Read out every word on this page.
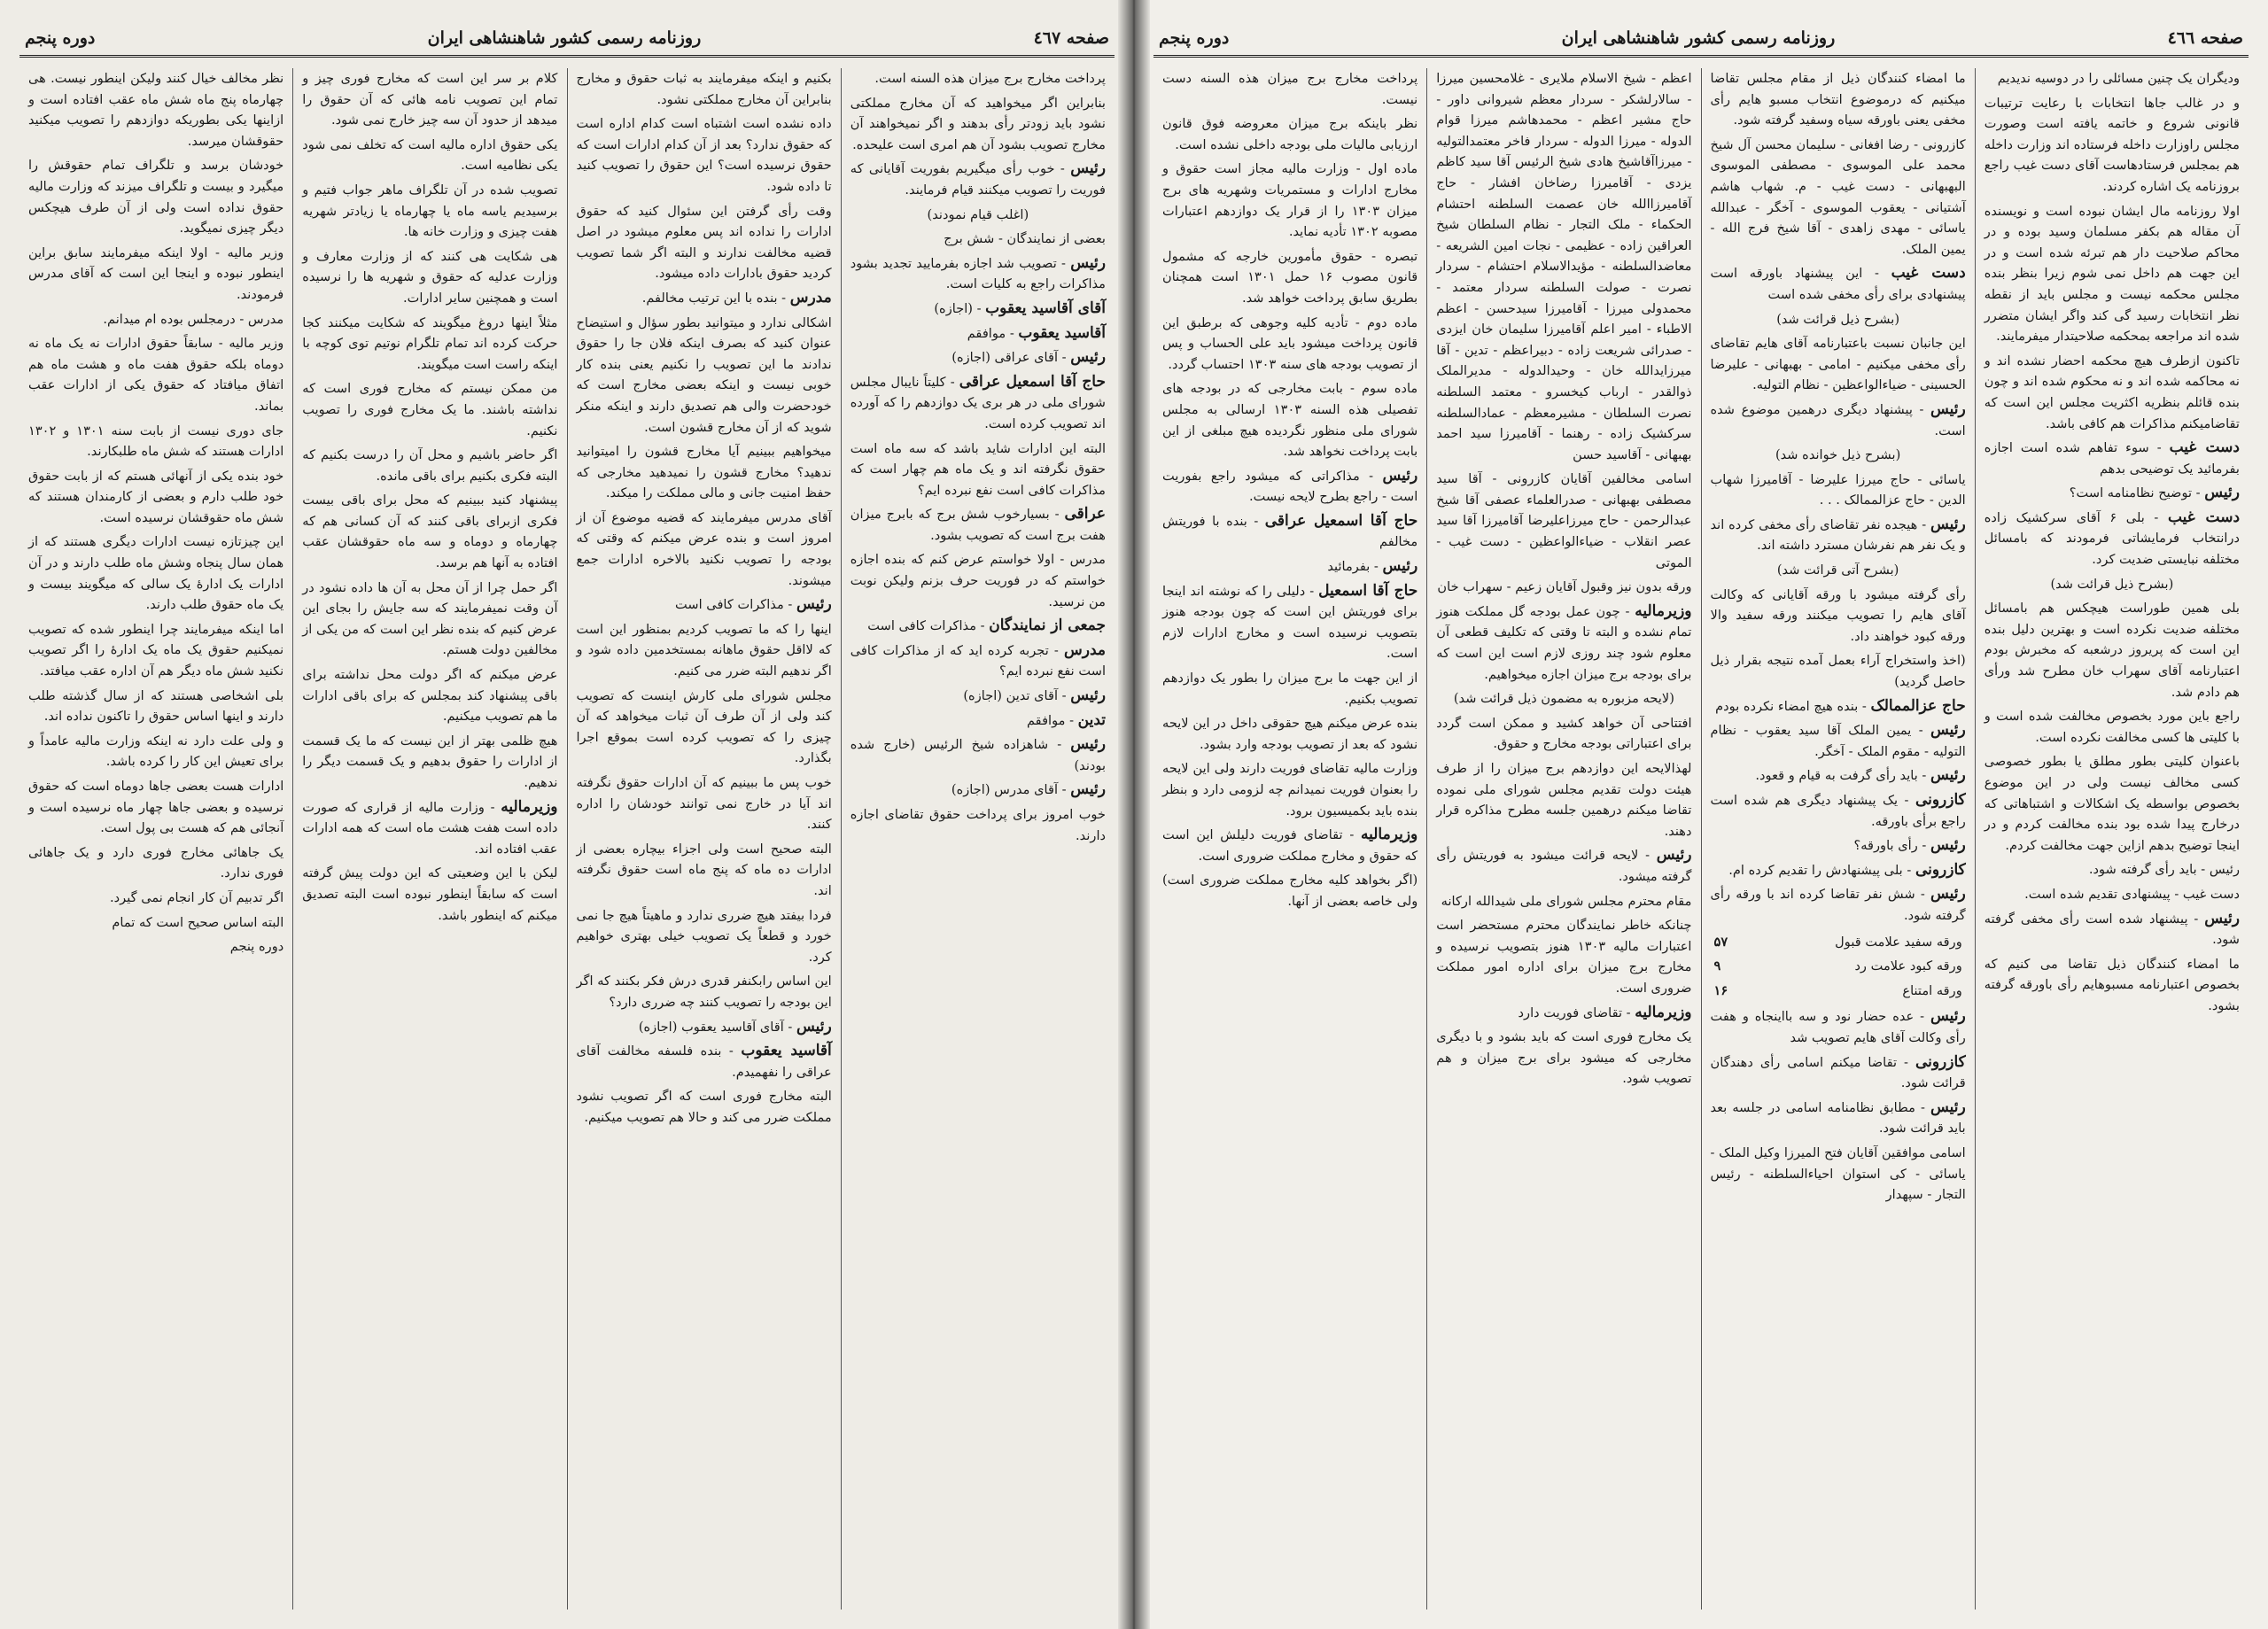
صفحه ٤٦٧
روزنامه رسمی کشور شاهنشاهی ایران
دوره پنجم

پرداخت مخارج برج میزان هذه السنه است.

بنابراین اگر میخواهید که آن مخارج مملکتی نشود باید زودتر رأی بدهند و اگر نمیخواهند آن مخارج تصویب بشود آن هم امری است علیحده.

رئیس - خوب رأی میگیریم بفوریت آقایانی که فوریت را تصویب میکنند قیام فرمایند.

(اغلب قیام نمودند)

بعضی از نمایندگان - شش برج

رئیس - تصویب شد اجازه بفرمایید تجدید بشود مذاکرات راجع به کلیات است.

آقای آقاسید یعقوب - (اجازه)

آقاسید یعقوب - موافقم

رئیس - آقای عراقی (اجازه)

حاج آقا اسمعیل عراقی - کلیتاً نایبال مجلس شورای ملی در هر بری یک دوازدهم را که آورده اند تصویب کرده است.

البته این ادارات شاید باشد که سه ماه است حقوق نگرفته اند و یک ماه هم چهار است که مذاکرات کافی است نفع نبرده ایم؟

عراقی - بسیارخوب شش برج که بابرج میزان هفت برج است که تصویب بشود.

مدرس - اولا خواستم عرض کنم که بنده اجازه خواستم که در فوریت حرف بزنم ولیکن نوبت من نرسید.

جمعی از نمایندگان - مذاکرات کافی است

مدرس - تجربه کرده اید که از مذاکرات کافی است نفع نبرده ایم؟

رئیس - آقای تدین (اجازه)

تدین - موافقم

رئیس - شاهزاده شیخ الرئیس (خارج شده بودند)

رئیس - آقای مدرس (اجازه)

خوب امروز برای پرداخت حقوق تقاضای اجازه دارند.

بکنیم و اینکه میفرمایند به ثبات حقوق و مخارج بنابراین آن مخارج مملکتی نشود.

داده نشده است اشتباه است کدام اداره است که حقوق ندارد؟ بعد از آن کدام ادارات است که حقوق نرسیده است؟ این حقوق را تصویب کنید تا داده شود.

وقت رأی گرفتن این سئوال کنید که حقوق ادارات را نداده اند پس معلوم میشود در اصل قضیه مخالفت ندارند و البته اگر شما تصویب کردید حقوق بادارات داده میشود.

مدرس - بنده با این ترتیب مخالفم.

اشکالی ندارد و میتوانید بطور سؤال و استیضاح عنوان کنید که بصرف اینکه فلان جا را حقوق ندادند ما این تصویب را نکنیم یعنی بنده کار خوبی نیست و اینکه بعضی مخارج است که خودحضرت والی هم تصدیق دارند و اینکه منکر شوید که از آن مخارج قشون است.

میخواهیم ببینیم آیا مخارج قشون را امیتوانید ندهید؟ مخارج قشون را نمیدهید مخارجی که حفظ امنیت جانی و مالی مملکت را میکند.

آقای مدرس میفرمایند که قضیه موضوع آن از امروز است و بنده عرض میکنم که وقتی که بودجه را تصویب نکنید بالاخره ادارات جمع میشوند.

رئیس - مذاکرات کافی است

اینها را که ما تصویب کردیم بمنظور این است که لااقل حقوق ماهانه بمستخدمین داده شود و اگر ندهیم البته ضرر می کنیم.

مجلس شورای ملی کارش اینست که تصویب کند ولی از آن طرف آن ثبات میخواهد که آن چیزی را که تصویب کرده است بموقع اجرا بگذارد.

خوب پس ما ببینیم که آن ادارات حقوق نگرفته اند آیا در خارج نمی توانند خودشان را اداره کنند.

البته صحیح است ولی اجزاء بیچاره بعضی از ادارات ده ماه که پنج ماه است حقوق نگرفته اند.

فردا بیفتد هیچ ضرری ندارد و ماهیتاً هیچ جا نمی خورد و قطعاً یک تصویب خیلی بهتری خواهیم کرد.

این اساس رابکنفر قدری درش فکر بکنند که اگر این بودجه را تصویب کنند چه ضرری دارد؟

رئیس - آقای آقاسید یعقوب (اجازه)

آقاسید یعقوب - بنده فلسفه مخالفت آقای عراقی را نفهمیدم.

البته مخارج فوری است که اگر تصویب نشود مملکت ضرر می کند و حالا هم تصویب میکنیم.

کلام بر سر این است که مخارج فوری چیز و تمام این تصویب نامه هائی که آن حقوق را میدهد از حدود آن سه چیز خارج نمی شود.

یکی حقوق اداره مالیه است که تخلف نمی شود یکی نظامیه است.

تصویب شده در آن تلگراف ماهر جواب فتیم و برسیدیم یاسه ماه یا چهارماه یا زیادتر شهریه هفت چیزی و وزارت خانه ها.

هی شکایت هی کنند که از وزارت معارف و وزارت عدلیه که حقوق و شهریه ها را نرسیده است و همچنین سایر ادارات.

مثلاً اینها دروغ میگویند که شکایت میکنند کجا حرکت کرده اند تمام تلگرام نوتیم توی کوچه با اینکه راست است میگویند.

من ممکن نیستم که مخارج فوری است که نداشته باشند. ما یک مخارج فوری را تصویب نکنیم.

اگر حاضر باشیم و محل آن را درست بکنیم که البته فکری بکنیم برای باقی مانده.

پیشنهاد کنید ببینیم که محل برای باقی بیست فکری ازبرای باقی کنند که آن کسانی هم که چهارماه و دوماه و سه ماه حقوقشان عقب افتاده به آنها هم برسد.

اگر حمل چرا از آن محل به آن ها داده نشود در آن وقت نمیفرمایند که سه جایش را بجای این عرض کنیم که بنده نظر این است که من یکی از مخالفین دولت هستم.

عرض میکنم که اگر دولت محل نداشته برای باقی پیشنهاد کند بمجلس که برای باقی ادارات ما هم تصویب میکنیم.

هیچ ظلمی بهتر از این نیست که ما یک قسمت از ادارات را حقوق بدهیم و یک قسمت دیگر را ندهیم.

وزیرمالیه - وزارت مالیه از قراری که صورت داده است هفت هشت ماه است که همه ادارات عقب افتاده اند.

لیکن با این وضعیتی که این دولت پیش گرفته است که سابقاً اینطور نبوده است البته تصدیق میکنم که اینطور باشد.

نظر مخالف خیال کنند ولیکن اینطور نیست. هی چهارماه پنج ماه شش ماه عقب افتاده است و ازاینها یکی بطوریکه دوازدهم را تصویب میکنید حقوقشان میرسد.

خودشان برسد و تلگراف تمام حقوقش را میگیرد و بیست و تلگراف میزند که وزارت مالیه حقوق نداده است ولی از آن طرف هیچکس دیگر چیزی نمیگوید.

وزیر مالیه - اولا اینکه میفرمایند سابق براین اینطور نبوده و اینجا این است که آقای مدرس فرمودند.

مدرس - درمجلس بوده ام میدانم.

وزیر مالیه - سابقاً حقوق ادارات نه یک ماه نه دوماه بلکه حقوق هفت ماه و هشت ماه هم اتفاق میافتاد که حقوق یکی از ادارات عقب بماند.

جای دوری نیست از بابت سنه ۱۳۰۱ و ۱۳۰۲ ادارات هستند که شش ماه طلبکارند.

خود بنده یکی از آنهائی هستم که از بابت حقوق خود طلب دارم و بعضی از کارمندان هستند که شش ماه حقوقشان نرسیده است.

این چیزتازه نیست ادارات دیگری هستند که از همان سال پنجاه وشش ماه طلب دارند و در آن ادارات یک ادارهٔ یک سالی که میگویند بیست و یک ماه حقوق طلب دارند.

اما اینکه میفرمایند چرا اینطور شده که تصویب نمیکنیم حقوق یک ماه یک ادارهٔ را اگر تصویب نکنید شش ماه دیگر هم آن اداره عقب میافتد.

بلی اشخاصی هستند که از سال گذشته طلب دارند و اینها اساس حقوق را تاکنون نداده اند.

و ولی علت دارد نه اینکه وزارت مالیه عامداً و برای تعیش این کار را کرده باشد.

ادارات هست بعضی جاها دوماه است که حقوق نرسیده و بعضی جاها چهار ماه نرسیده است و آنجائی هم که هست بی پول است.

یک جاهائی مخارج فوری دارد و یک جاهائی فوری ندارد.

اگر تدبیم آن کار انجام نمی گیرد.

البته اساس صحیح است که تمام

دوره پنجم

صفحه ٤٦٦
روزنامه رسمی کشور شاهنشاهی ایران
دوره پنجم

ودیگران یک چنین مسائلی را در دوسیه ندیدیم

و در غالب جاها انتخابات با رعایت ترتیبات قانونی شروع و خاتمه یافته است وصورت مجلس راوزارت داخله فرستاده اند وزارت داخله هم بمجلس فرستادهاست آقای دست غیب راجع بروزنامه یک اشاره کردند.

اولا روزنامه مال ایشان نبوده است و نویسنده آن مقاله هم بکفر مسلمان وسید بوده و در محاکم صلاحیت دار هم تبرئه شده است و در این جهت هم داخل نمی شوم زیرا بنظر بنده مجلس محکمه نیست و مجلس باید از نقطه نظر انتخابات رسید گی کند واگر ایشان متضرر شده اند مراجعه بمحکمه صلاحیتدار میفرمایند.

تاکنون ازطرف هیچ محکمه احضار نشده اند و نه محاکمه شده اند و نه محکوم شده اند و چون بنده قائلم بنظریه اکثریت مجلس این است که تقاضامیکنم مذاکرات هم کافی باشد.

دست غیب - سوء تفاهم شده است اجازه بفرمائید یک توضیحی بدهم

رئیس - توضیح نظامنامه است؟

دست غیب - بلی ۶ آقای سرکشیک زاده درانتخاب فرمایشاتی فرمودند که بامسائل مختلفه نبایستی ضدیت کرد.

(بشرح ذیل قرائت شد)

بلی همین طوراست هیچکس هم بامسائل مختلفه ضدیت نکرده است و بهترین دلیل بنده این است که پریروز درشعبه که مخبرش بودم اعتبارنامه آقای سهراب خان مطرح شد ورأی هم دادم شد.

راجع باین مورد بخصوص مخالفت شده است و با کلیتی ها کسی مخالفت نکرده است.

باعنوان کلیتی بطور مطلق یا بطور خصوصی کسی مخالف نیست ولی در این موضوع بخصوص بواسطه یک اشکالات و اشتباهاتی که درخارج پیدا شده بود بنده مخالفت کردم و در اینجا توضیح بدهم ازاین جهت مخالفت کردم.

رئیس - باید رأی گرفته شود.

دست غیب - پیشنهادی تقدیم شده است.

رئیس - پیشنهاد شده است رأی مخفی گرفته شود.

ما امضاء کنندگان ذیل تقاضا می کنیم که بخصوص اعتبارنامه مسبوهایم رأی باورقه گرفته بشود.

ما امضاء کنندگان ذیل از مقام مجلس تقاضا میکنیم که درموضوع انتخاب مسبو هایم رأی مخفی یعنی باورقه سیاه وسفید گرفته شود.

کازرونی - رضا افغانی - سلیمان محسن آل شیخ محمد علی الموسوی - مصطفی الموسوی البهبهانی - دست غیب - م. شهاب هاشم آشتیانی - یعقوب الموسوی - آخگر - عبدالله یاسائی - مهدی زاهدی - آقا شیخ فرج الله - یمین الملک.

دست غیب - این پیشنهاد باورقه است پیشنهادی برای رأی مخفی شده است

(بشرح ذیل قرائت شد)

این جانبان نسبت باعتبارنامه آقای هایم تقاضای رأی مخفی میکنیم - امامی - بهبهانی - علیرضا الحسینی - ضیاءالواعظین - نظام التولیه.

رئیس - پیشنهاد دیگری درهمین موضوع شده است.

(بشرح ذیل خوانده شد)

یاسائی - حاج میرزا علیرضا - آقامیرزا شهاب الدین - حاج عزالممالک . . .

رئیس - هیجده نفر تقاضای رأی مخفی کرده اند و یک نفر هم نفرشان مسترد داشته اند.

(بشرح آتی قرائت شد)

رأی گرفته میشود با ورقه آقایانی که وکالت آقای هایم را تصویب میکنند ورقه سفید والا ورقه کبود خواهند داد.

(اخذ واستخراج آراء بعمل آمده نتیجه بقرار ذیل حاصل گردید)

حاج عزالممالک - بنده هیچ امضاء نکرده بودم

رئیس - یمین الملک آقا سید یعقوب - نظام التولیه - مقوم الملک - آخگر.

رئیس - باید رأی گرفت به قیام و قعود.

کازرونی - یک پیشنهاد دیگری هم شده است راجع برأی باورقه.

رئیس - رأی باورقه؟

کازرونی - بلی پیشنهادش را تقدیم کرده ام.

رئیس - شش نفر تقاضا کرده اند با ورقه رأی گرفته شود.

ورقه سفید علامت قبول	۵۷
ورقه کبود علامت رد	۹
ورقه امتناع	۱۶

رئیس - عده حضار نود و سه بااینجاه و هفت رأی وکالت آقای هایم تصویب شد

کازرونی - تقاضا میکنم اسامی رأی دهندگان قرائت شود.

رئیس - مطابق نظامنامه اسامی در جلسه بعد باید قرائت شود.

اسامی موافقین آقایان فتح المیرزا وکیل الملک - یاسائی - کی استوان احیاءالسلطنه - رئیس التجار - سپهدار

اعظم - شیخ الاسلام ملایری - غلامحسین میرزا - سالارلشکر - سردار معظم شیروانی داور - حاج مشیر اعظم - محمدهاشم میرزا قوام الدوله - میرزا الدوله - سردار فاخر معتمدالتولیه - میرزاآقاشیخ هادی شیخ الرئیس آقا سید کاظم یزدی - آقامیرزا رضاخان افشار - حاج آقامیرزاالله خان عصمت السلطنه احتشام الحکماء - ملک التجار - نظام السلطان شیخ العراقین زاده - عظیمی - نجات امین الشریعه - معاضدالسلطنه - مؤیدالاسلام احتشام - سردار نصرت - صولت السلطنه سردار معتمد - محمدولی میرزا - آقامیرزا سیدحسن - اعظم الاطباء - امیر اعلم آقامیرزا سلیمان خان ایزدی - صدرائی شریعت زاده - دبیراعظم - تدین - آقا میرزایدالله خان - وحیدالدوله - مدیرالملک ذوالقدر - ارباب کیخسرو - معتمد السلطنه نصرت السلطان - مشیرمعظم - عمادالسلطنه سرکشیک زاده - رهنما - آقامیرزا سید احمد بهبهانی - آقاسید حسن

اسامی مخالفین آقایان کازرونی - آقا سید مصطفی بهبهانی - صدرالعلماء عصفی آقا شیخ عبدالرحمن - حاج میرزاعلیرضا آقامیرزا آقا سید عصر انقلاب - ضیاءالواعظین - دست غیب - الموتی

ورقه بدون نیز وقبول آقایان زعیم - سهراب خان

وزیرمالیه - چون عمل بودجه گل مملکت هنوز تمام نشده و البته تا وقتی که تکلیف قطعی آن معلوم شود چند روزی لازم است این است که برای بودجه برج میزان اجازه میخواهیم.

(لایحه مزبوره به مضمون ذیل قرائت شد)

افتتاحی آن خواهد کشید و ممکن است گردد برای اعتباراتی بودجه مخارج و حقوق.

لهذالایحه این دوازدهم برج میزان را از طرف هیئت دولت تقدیم مجلس شورای ملی نموده تقاضا میکنم درهمین جلسه مطرح مذاکره قرار دهند.

رئیس - لایحه قرائت میشود به فوریتش رأی گرفته میشود.

مقام محترم مجلس شورای ملی شیدالله ارکانه

چنانکه خاطر نمایندگان محترم مستحضر است اعتبارات مالیه ۱۳۰۳ هنوز بتصویب نرسیده و مخارج برج میزان برای اداره امور مملکت ضروری است.

وزیرمالیه - تقاضای فوریت دارد

یک مخارج فوری است که باید بشود و با دیگری مخارجی که میشود برای برج میزان و هم تصویب شود.

پرداخت مخارج برج میزان هذه السنه دست نیست.

نظر باینکه برج میزان معروضه فوق قانون ارزیابی مالیات ملی بودجه داخلی نشده است.

ماده اول - وزارت مالیه مجاز است حقوق و مخارج ادارات و مستمریات وشهریه های برج میزان ۱۳۰۳ را از قرار یک دوازدهم اعتبارات مصوبه ۱۳۰۲ تأدیه نماید.

تبصره - حقوق مأمورین خارجه که مشمول قانون مصوب ۱۶ حمل ۱۳۰۱ است همچنان بطریق سابق پرداخت خواهد شد.

ماده دوم - تأدیه کلیه وجوهی که برطبق این قانون پرداخت میشود باید علی الحساب و پس از تصویب بودجه های سنه ۱۳۰۳ احتساب گردد.

ماده سوم - بابت مخارجی که در بودجه های تفصیلی هذه السنه ۱۳۰۳ ارسالی به مجلس شورای ملی منظور نگردیده هیچ مبلغی از این بابت پرداخت نخواهد شد.

رئیس - مذاکراتی که میشود راجع بفوریت است - راجع بطرح لایحه نیست.

حاج آقا اسمعیل عراقی - بنده با فوریتش مخالفم

رئیس - بفرمائید

حاج آقا اسمعیل - دلیلی را که نوشته اند اینجا برای فوریتش این است که چون بودجه هنوز بتصویب نرسیده است و مخارج ادارات لازم است.

از این جهت ما برج میزان را بطور یک دوازدهم تصویب بکنیم.

بنده عرض میکنم هیچ حقوقی داخل در این لایحه نشود که بعد از تصویب بودجه وارد بشود.

وزارت مالیه تقاضای فوریت دارند ولی این لایحه را بعنوان فوریت نمیدانم چه لزومی دارد و بنظر بنده باید بکمیسیون برود.

وزیرمالیه - تقاضای فوریت دلیلش این است که حقوق و مخارج مملکت ضروری است.

(اگر بخواهد کلیه مخارج مملکت ضروری است) ولی خاصه بعضی از آنها.
